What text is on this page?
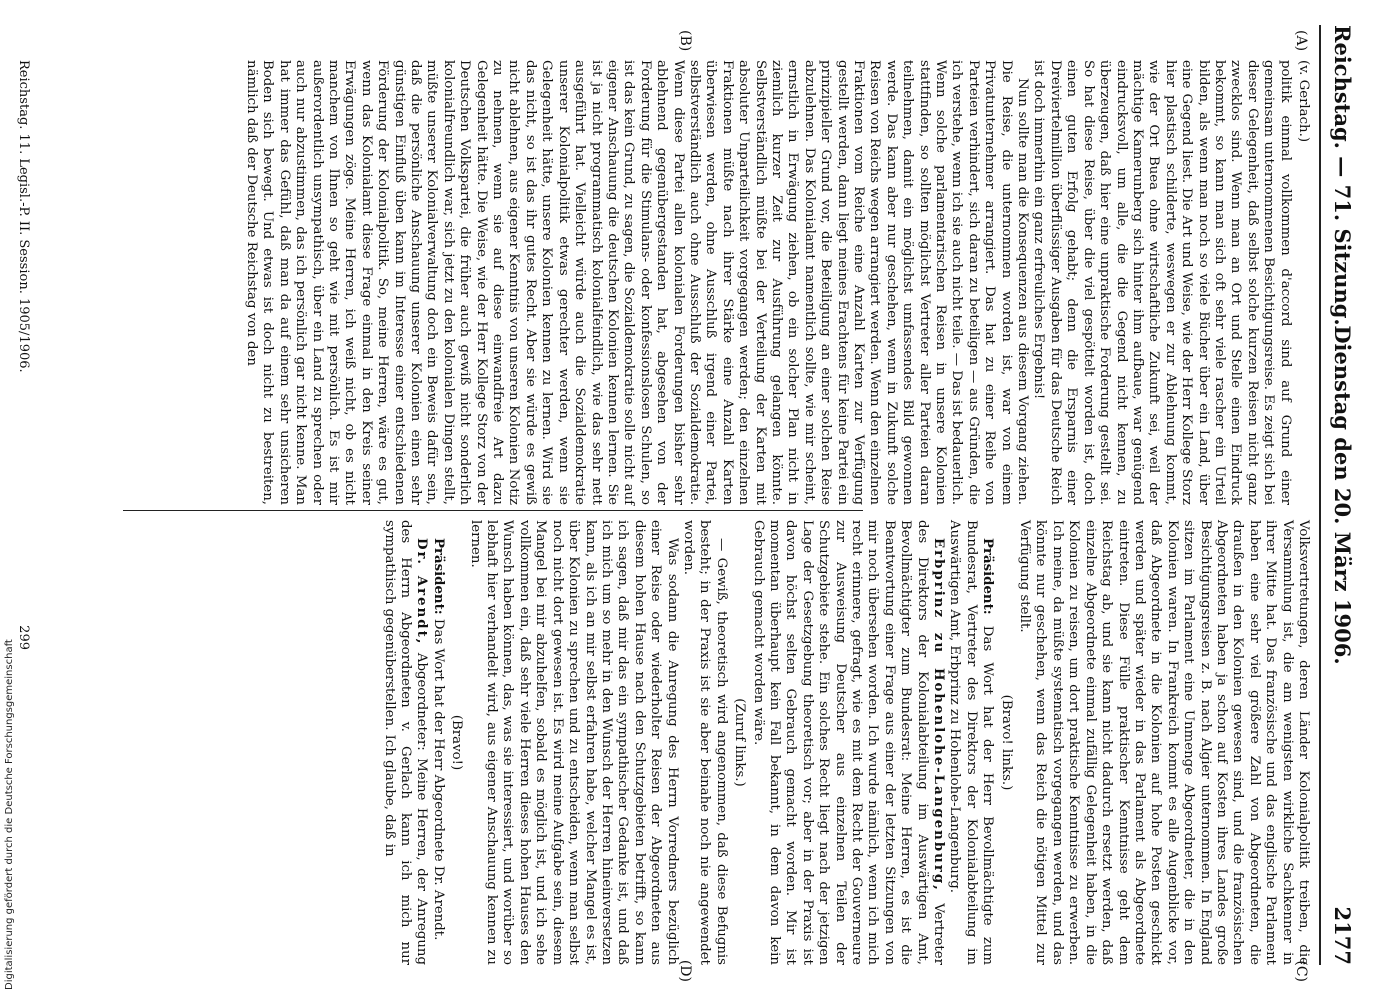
Reichstag. — 71. Sitzung.
Dienstag den 20. März 1906.
2177
(A)
(B)
(C)
(D)

(v. Gerlach.)

politik einmal vollkommen d'accord sind auf Grund einer gemeinsam unternommenen Besichtigungsreise. Es zeigt sich bei dieser Gelegenheit, daß selbst solche kurzen Reisen nicht ganz zwecklos sind. Wenn man an Ort und Stelle einen Eindruck bekommt, so kann man sich oft sehr viele rascher ein Urteil bilden, als wenn man noch so viele Bücher über ein Land, über eine Gegend liest. Die Art und Weise, wie der Herr Kollege Storz hier plastisch schilderte, weswegen er zur Ablehnung kommt, wie der Ort Buea ohne wirtschaftliche Zukunft sei, weil der mächtige Kamerunberg sich hinter ihm aufbaue, war genügend eindrucksvoll, um alle, die die Gegend nicht kennen, zu überzeugen, daß hier eine unpraktische Forderung gestellt sei. So hat diese Reise, über die viel gespöttelt worden ist, doch einen guten Erfolg gehabt; denn die Ersparnis einer Dreiviertelmillion überflüssiger Ausgaben für das Deutsche Reich ist doch immerhin ein ganz erfreuliches Ergebnis!

Nun sollte man die Konsequenzen aus diesem Vorgang ziehen. Die Reise, die unternommen worden ist, war von einem Privatunternehmer arrangiert. Das hat zu einer Reihe von Parteien verhindert, sich daran zu beteiligen — aus Gründen, die ich verstehe, wenn ich sie auch nicht teile. — Das ist bedauerlich. Wenn solche parlamentarischen Reisen in unsere Kolonien stattfinden, so sollten möglichst Vertreter aller Parteien daran teilnehmen, damit ein möglichst umfassendes Bild gewonnen werde. Das kann aber nur geschehen, wenn in Zukunft solche Reisen von Reichs wegen arrangiert werden. Wenn den einzelnen Fraktionen vom Reiche eine Anzahl Karten zur Verfügung gestellt werden, dann liegt meines Erachtens für keine Partei ein prinzipieller Grund vor, die Beteiligung an einer solchen Reise abzulehnen. Das Kolonialamt namentlich sollte, wie mir scheint, ernstlich in Erwägung ziehen, ob ein solcher Plan nicht in ziemlich kurzer Zeit zur Ausführung gelangen könnte. Selbstverständlich müßte bei der Verteilung der Karten mit absoluter Unparteilichkeit vorgegangen werden; den einzelnen Fraktionen müßte nach ihrer Stärke eine Anzahl Karten überwiesen werden, ohne Ausschluß irgend einer Partei, selbstverständlich auch ohne Ausschluß der Sozialdemokratie. Wenn diese Partei allen kolonialen Forderungen bisher sehr ablehnend gegenübergestanden hat, abgesehen von der Forderung für die Stimulans- oder konfessionslosen Schulen, so ist das kein Grund, zu sagen, die Sozialdemokratie solle nicht auf eigener Anschauung die deutschen Kolonien kennen lernen. Sie ist ja nicht programmatisch kolonialfeindlich, wie das sehr nett ausgeführt hat. Vielleicht würde auch die Sozialdemokratie unserer Kolonialpolitik etwas gerechter werden, wenn sie Gelegenheit hätte, unsere Kolonien kennen zu lernen. Wird sie das nicht, so ist das ihr gutes Recht. Aber sie würde es gewiß nicht ablehnen, aus eigener Kenntnis von unseren Kolonien Notiz zu nehmen, wenn sie auf diese einwandfreie Art dazu Gelegenheit hätte. Die Weise, wie der Herr Kollege Storz von der Deutschen Volkspartei, die früher auch gewiß nicht sonderlich kolonialfreundlich war, sich jetzt zu den kolonialen Dingen stellt, müßte unserer Kolonialverwaltung doch ein Beweis dafür sein, daß die persönliche Anschauung unserer Kolonien einen sehr günstigen Einfluß üben kann im Interesse einer entschiedenen Förderung der Kolonialpolitik. So, meine Herren, wäre es gut, wenn das Kolonialamt diese Frage einmal in den Kreis seiner Erwägungen zöge. Meine Herren, ich weiß nicht, ob es nicht manchem von Ihnen so geht wie mit persönlich. Es ist mir außerordentlich unsympathisch, über ein Land zu sprechen oder auch nur abzustimmen, das ich persönlich gar nicht kenne. Man hat immer das Gefühl, daß man da auf einem sehr unsicheren Boden sich bewegt. Und etwas ist doch nicht zu bestreiten, nämlich daß der Deutsche Reichstag von den

Volksvertretungen, deren Länder Kolonialpolitik treiben, die Versammlung ist, die am wenigsten wirkliche Sachkenner in ihrer Mitte hat. Das französische und das englische Parlament haben eine sehr viel größere Zahl von Abgeordneten, die draußen in den Kolonien gewesen sind, und die französischen Abgeordneten haben ja schon auf Kosten ihres Landes große Besichtigungsreisen z. B. nach Algier unternommen. In England sitzen im Parlament eine Unmenge Abgeordneter, die in den Kolonien waren. In Frankreich kommt es alle Augenblicke vor, daß Abgeordnete in die Kolonien auf hohe Posten geschickt werden und später wieder in das Parlament als Abgeordnete eintreten. Diese Fülle praktischer Kenntnisse geht dem Reichstag ab, und sie kann nicht dadurch ersetzt werden, daß einzelne Abgeordnete einmal zufällig Gelegenheit haben, in die Kolonien zu reisen, um dort praktische Kenntnisse zu erwerben. Ich meine, da müßte systematisch vorgegangen werden, und das könnte nur geschehen, wenn das Reich die nötigen Mittel zur Verfügung stellt.

(Bravo! links.)

Präsident: Das Wort hat der Herr Bevollmächtigte zum Bundesrat, Vertreter des Direktors der Kolonialabteilung im Auswärtigen Amt, Erbprinz zu Hohenlohe-Langenburg.

Erbprinz zu Hohenlohe-Langenburg, Vertreter des Direktors der Kolonialabteilung im Auswärtigen Amt, Bevollmächtigter zum Bundesrat: Meine Herren, es ist die Beantwortung einer Frage aus einer der letzten Sitzungen von mir noch übersehen worden. Ich wurde nämlich, wenn ich mich recht erinnere, gefragt, wie es mit dem Recht der Gouverneure zur Ausweisung Deutscher aus einzelnen Teilen der Schutzgebiete stehe. Ein solches Recht liegt nach der jetzigen Lage der Gesetzgebung theoretisch vor; aber in der Praxis ist davon höchst selten Gebrauch gemacht worden. Mir ist momentan überhaupt kein Fall bekannt, in dem davon kein Gebrauch gemacht worden wäre.

(Zuruf links.)

— Gewiß, theoretisch wird angenommen, daß diese Befugnis besteht; in der Praxis ist sie aber beinahe noch nie angewendet worden.

Was sodann die Anregung des Herrn Vorredners bezüglich einer Reise oder wiederholter Reisen der Abgeordneten aus diesem hohen Hause nach den Schutzgebieten betrifft, so kann ich sagen, daß mir das ein sympathischer Gedanke ist, und daß ich mich um so mehr in den Wunsch der Herren hineinversetzen kann, als ich an mir selbst erfahren habe, welcher Mangel es ist, über Kolonien zu sprechen und zu entscheiden, wenn man selbst noch nicht dort gewesen ist. Es wird meine Aufgabe sein, diesem Mangel bei mir abzuhelfen, sobald es möglich ist, und ich sehe vollkommen ein, daß sehr viele Herren dieses hohen Hauses den Wunsch haben können, das, was sie interessiert, und worüber so lebhaft hier verhandelt wird, aus eigener Anschauung kennen zu lernen.

(Bravo!)

Präsident: Das Wort hat der Herr Abgeordnete Dr. Arendt.

Dr. Arendt, Abgeordneter: Meine Herren, der Anregung des Herrn Abgeordneten v. Gerlach kann ich mich nur sympathisch gegenüberstellen. Ich glaube, daß in

Reichstag. 11. Legisl.-P. II. Session. 1905/1906.
299
Digitalisierung gefördert durch die Deutsche Forschungsgemeinschaft
